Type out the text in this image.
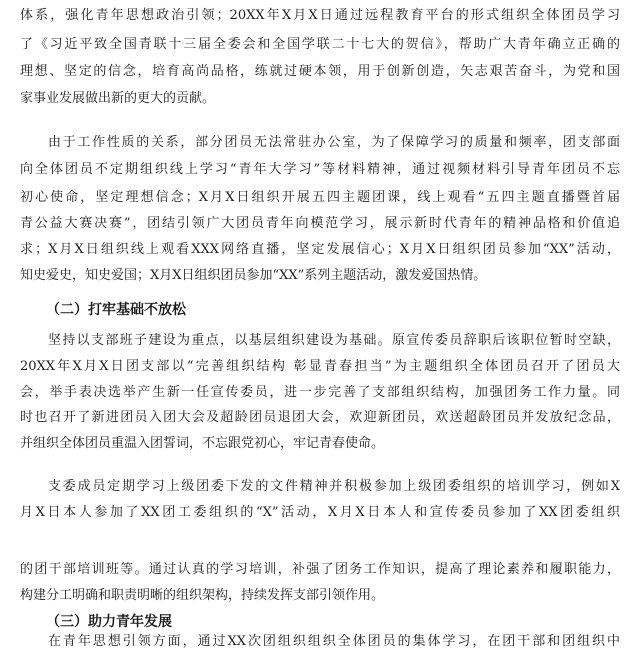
体系，强化青年思想政治引领；20XX年X月X日通过远程教育平台的形式组织全体团员学习
了《习近平致全国青联十三届全委会和全国学联二十七大的贺信》，帮助广大青年确立正确的
理想、坚定的信念，培育高尚品格，练就过硬本领，用于创新创造，矢志艰苦奋斗，为党和国
家事业发展做出新的更大的贡献。
由于工作性质的关系，部分团员无法常驻办公室，为了保障学习的质量和频率，团支部面
向全体团员不定期组织线上学习“青年大学习”等材料精神，通过视频材料引导青年团员不忘
初心使命，坚定理想信念；X月X日组织开展五四主题团课，线上观看“五四主题直播暨首届
青公益大赛决赛”，团结引领广大团员青年向模范学习，展示新时代青年的精神品格和价值追
求；X月X日组织线上观看XXX网络直播，坚定发展信心；X月X日组织团员参加“XX”活动，
知史爱史，知史爱国；X月X日组织团员参加“XX”系列主题活动，激发爱国热情。
（二）打牢基础不放松
坚持以支部班子建设为重点，以基层组织建设为基础。原宣传委员辞职后该职位暂时空缺，
20XX年X月X日团支部以“完善组织结构 彰显青春担当”为主题组织全体团员召开了团员大
会，举手表决选举产生新一任宣传委员，进一步完善了支部组织结构，加强团务工作力量。同
时也召开了新进团员入团大会及超龄团员退团大会，欢迎新团员，欢送超龄团员并发放纪念品，
并组织全体团员重温入团誓词，不忘跟党初心，牢记青春使命。
支委成员定期学习上级团委下发的文件精神并积极参加上级团委组织的培训学习，例如X
月X日本人参加了XX团工委组织的“X”活动，X月X日本人和宣传委员参加了XX团委组织
的团干部培训班等。通过认真的学习培训，补强了团务工作知识，提高了理论素养和履职能力，
构建分工明确和职责明晰的组织架构，持续发挥支部引领作用。
（三）助力青年发展
在青年思想引领方面，通过XX次团组织组织全体团员的集体学习，在团干部和团组织中
